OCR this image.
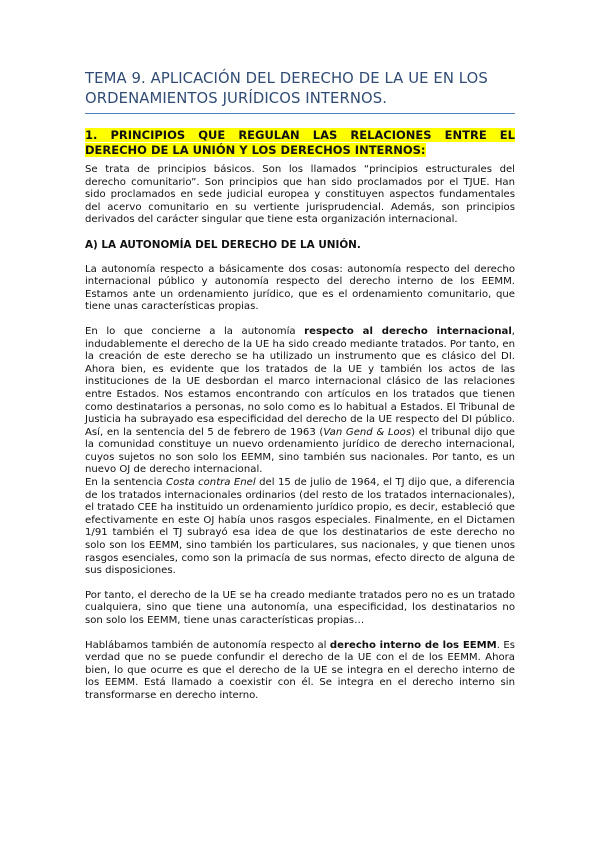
TEMA 9. APLICACIÓN DEL DERECHO DE LA UE EN LOS ORDENAMIENTOS JURÍDICOS INTERNOS.
1. PRINCIPIOS QUE REGULAN LAS RELACIONES ENTRE EL DERECHO DE LA UNIÓN Y LOS DERECHOS INTERNOS:

Se trata de principios básicos. Son los llamados “principios estructurales del derecho comunitario”. Son principios que han sido proclamados por el TJUE. Han sido proclamados en sede judicial europea y constituyen aspectos fundamentales del acervo comunitario en su vertiente jurisprudencial. Además, son principios derivados del carácter singular que tiene esta organización internacional.

A) LA AUTONOMÍA DEL DERECHO DE LA UNIÓN.

La autonomía respecto a básicamente dos cosas: autonomía respecto del derecho internacional público y autonomía respecto del derecho interno de los EEMM. Estamos ante un ordenamiento jurídico, que es el ordenamiento comunitario, que tiene unas características propias.

En lo que concierne a la autonomía respecto al derecho internacional, indudablemente el derecho de la UE ha sido creado mediante tratados. Por tanto, en la creación de este derecho se ha utilizado un instrumento que es clásico del DI. Ahora bien, es evidente que los tratados de la UE y también los actos de las instituciones de la UE desbordan el marco internacional clásico de las relaciones entre Estados. Nos estamos encontrando con artículos en los tratados que tienen como destinatarios a personas, no solo como es lo habitual a Estados. El Tribunal de Justicia ha subrayado esa especificidad del derecho de la UE respecto del DI público. Así, en la sentencia del 5 de febrero de 1963 (Van Gend & Loos) el tribunal dijo que la comunidad constituye un nuevo ordenamiento jurídico de derecho internacional, cuyos sujetos no son solo los EEMM, sino también sus nacionales. Por tanto, es un nuevo OJ de derecho internacional.

En la sentencia Costa contra Enel del 15 de julio de 1964, el TJ dijo que, a diferencia de los tratados internacionales ordinarios (del resto de los tratados internacionales), el tratado CEE ha instituido un ordenamiento jurídico propio, es decir, estableció que efectivamente en este OJ había unos rasgos especiales. Finalmente, en el Dictamen 1/91 también el TJ subrayó esa idea de que los destinatarios de este derecho no solo son los EEMM, sino también los particulares, sus nacionales, y que tienen unos rasgos esenciales, como son la primacía de sus normas, efecto directo de alguna de sus disposiciones.

Por tanto, el derecho de la UE se ha creado mediante tratados pero no es un tratado cualquiera, sino que tiene una autonomía, una especificidad, los destinatarios no son solo los EEMM, tiene unas características propias…

Hablábamos también de autonomía respecto al derecho interno de los EEMM. Es verdad que no se puede confundir el derecho de la UE con el de los EEMM. Ahora bien, lo que ocurre es que el derecho de la UE se integra en el derecho interno de los EEMM. Está llamado a coexistir con él. Se integra en el derecho interno sin transformarse en derecho interno.
